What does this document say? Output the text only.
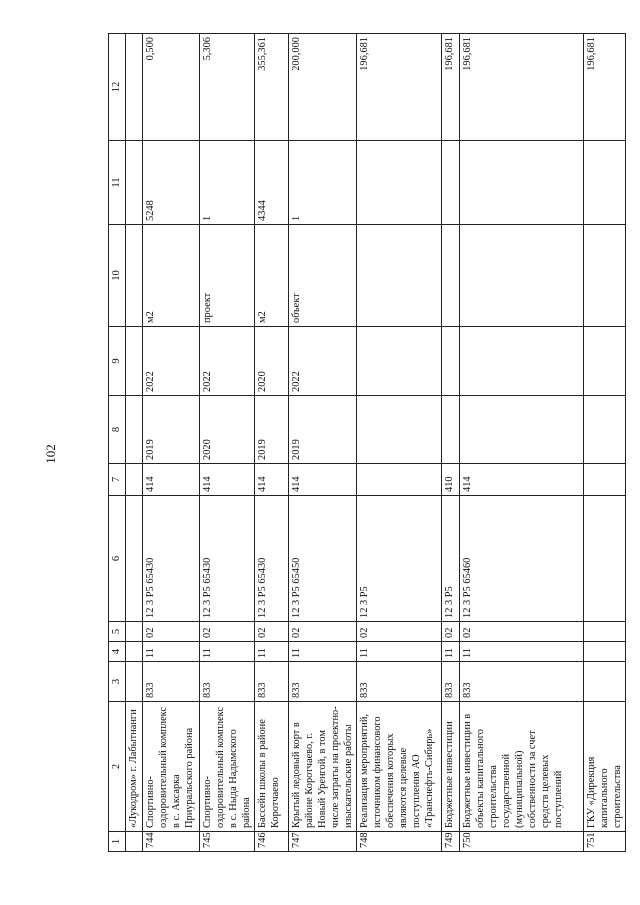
102
1	2	3	4	5	6	7	8	9	10	11	12
	«Лукодром» г. Лабытнанги										
744	Спортивно-оздоровительный комплекс в с. Аксарка Приуральского района	833	11	02	12 3 P5 65430	414	2019	2022	м2	5248	0,500
745	Спортивно-оздоровительный комплекс в с. Ныда Надымского района	833	11	02	12 3 P5 65430	414	2020	2022	проект	1	5,306
746	Бассейн школы в районе Коротчаево	833	11	02	12 3 P5 65430	414	2019	2020	м2	4344	355,361
747	Крытый ледовый корт в районе Коротчаево, г. Новый Уренгой, в том числе затраты на проектно-изыскательские работы	833	11	02	12 3 P5 65450	414	2019	2022	объект	1	200,000
748	Реализация мероприятий, источником финансового обеспечения которых являются целевые поступления АО «Транснефть-Сибирь»	833	11	02	12 3 P5						196,681
749	Бюджетные инвестиции	833	11	02	12 3 P5	410					196,681
750	Бюджетные инвестиции в объекты капитального строительства государственной (муниципальной) собственности за счет средств целевых поступлений	833	11	02	12 3 P5 65460	414					196,681
751	ГКУ «Дирекция капитального строительства										196,681
